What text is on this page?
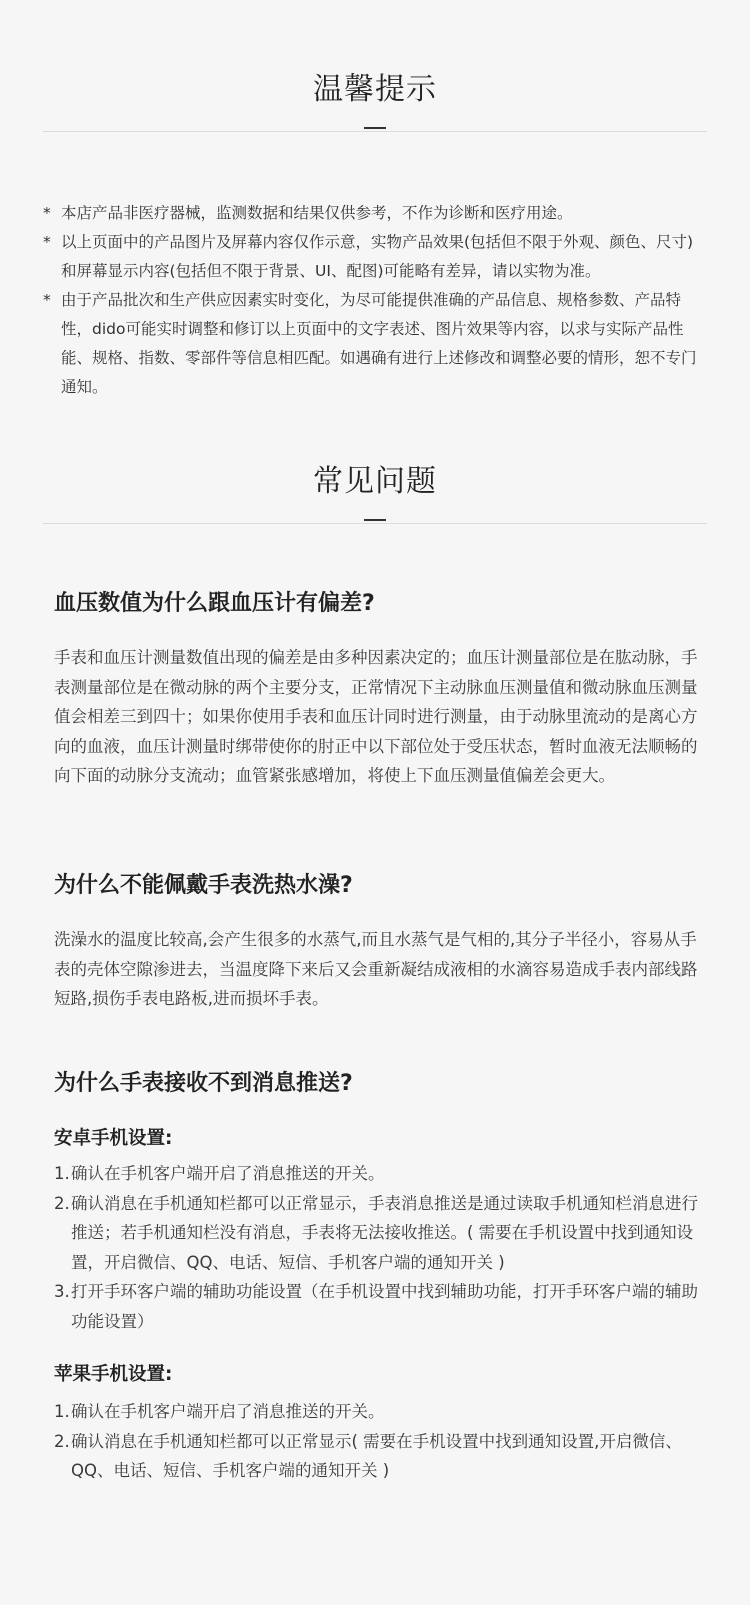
温馨提示
* 本店产品非医疗器械，监测数据和结果仅供参考，不作为诊断和医疗用途。
* 以上页面中的产品图片及屏幕内容仅作示意，实物产品效果(包括但不限于外观、颜色、尺寸)和屏幕显示内容(包括但不限于背景、UI、配图)可能略有差异，请以实物为准。
* 由于产品批次和生产供应因素实时变化，为尽可能提供准确的产品信息、规格参数、产品特性，dido可能实时调整和修订以上页面中的文字表述、图片效果等内容，以求与实际产品性能、规格、指数、零部件等信息相匹配。如遇确有进行上述修改和调整必要的情形，恕不专门通知。
常见问题

血压数值为什么跟血压计有偏差?

手表和血压计测量数值出现的偏差是由多种因素决定的；血压计测量部位是在肱动脉，手表测量部位是在微动脉的两个主要分支，正常情况下主动脉血压测量值和微动脉血压测量值会相差三到四十；如果你使用手表和血压计同时进行测量，由于动脉里流动的是离心方向的血液，血压计测量时绑带使你的肘正中以下部位处于受压状态，暂时血液无法顺畅的向下面的动脉分支流动；血管紧张感增加，将使上下血压测量值偏差会更大。

为什么不能佩戴手表洗热水澡?

洗澡水的温度比较高,会产生很多的水蒸气,而且水蒸气是气相的,其分子半径小，容易从手表的壳体空隙渗进去，当温度降下来后又会重新凝结成液相的水滴容易造成手表内部线路短路,损伤手表电路板,进而损坏手表。

为什么手表接收不到消息推送?

安卓手机设置:
1. 确认在手机客户端开启了消息推送的开关。
2. 确认消息在手机通知栏都可以正常显示，手表消息推送是通过读取手机通知栏消息进行推送；若手机通知栏没有消息，手表将无法接收推送。( 需要在手机设置中找到通知设置，开启微信、QQ、电话、短信、手机客户端的通知开关 )
3. 打开手环客户端的辅助功能设置（在手机设置中找到辅助功能，打开手环客户端的辅助功能设置）
苹果手机设置:
1. 确认在手机客户端开启了消息推送的开关。
2. 确认消息在手机通知栏都可以正常显示( 需要在手机设置中找到通知设置,开启微信、QQ、电话、短信、手机客户端的通知开关 )
